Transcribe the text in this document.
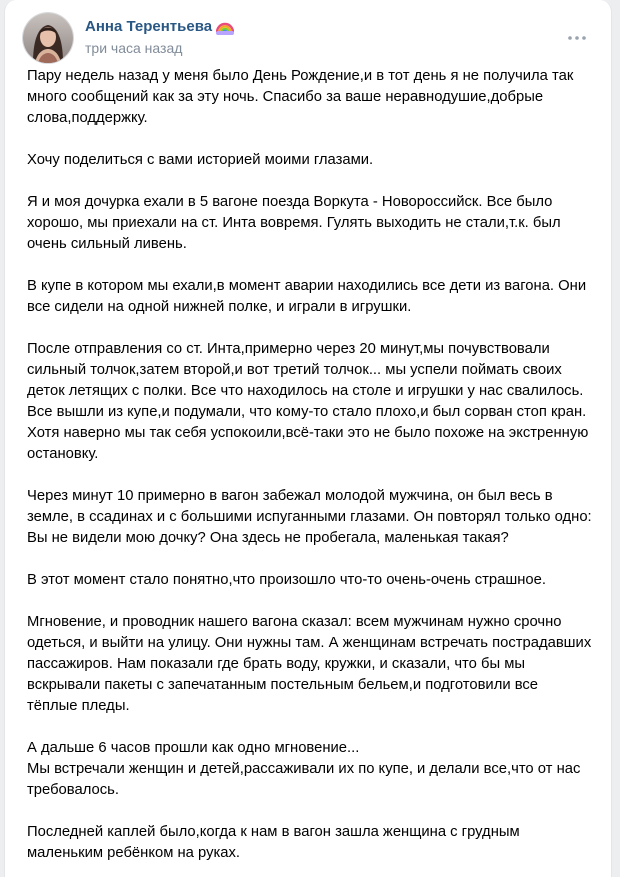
Анна Терентьева
три часа назад
Пару недель назад у меня было День Рождение,и в тот день я не получила так
много сообщений как за эту ночь. Спасибо за ваше неравнодушие,добрые
слова,поддержку.
Хочу поделиться с вами историей моими глазами.
Я и моя дочурка ехали в 5 вагоне поезда Воркута - Новороссийск. Все было
хорошо, мы приехали на ст. Инта вовремя. Гулять выходить не стали,т.к. был
очень сильный ливень.
В купе в котором мы ехали,в момент аварии находились все дети из вагона. Они
все сидели на одной нижней полке, и играли в игрушки.
После отправления со ст. Инта,примерно через 20 минут,мы почувствовали
сильный толчок,затем второй,и вот третий толчок... мы успели поймать своих
деток летящих с полки. Все что находилось на столе и игрушки у нас свалилось.
Все вышли из купе,и подумали, что кому-то стало плохо,и был сорван стоп кран.
Хотя наверно мы так себя успокоили,всё-таки это не было похоже на экстренную
остановку.
Через минут 10 примерно в вагон забежал молодой мужчина, он был весь в
земле, в ссадинах и с большими испуганными глазами. Он повторял только одно:
Вы не видели мою дочку? Она здесь не пробегала, маленькая такая?
В этот момент стало понятно,что произошло что-то очень-очень страшное.
Мгновение, и проводник нашего вагона сказал: всем мужчинам нужно срочно
одеться, и выйти на улицу. Они нужны там. А женщинам встречать пострадавших
пассажиров. Нам показали где брать воду, кружки, и сказали, что бы мы
вскрывали пакеты с запечатанным постельным бельем,и подготовили все
тёплые пледы.
А дальше 6 часов прошли как одно мгновение...
Мы встречали женщин и детей,рассаживали их по купе, и делали все,что от нас
требовалось.
Последней каплей было,когда к нам в вагон зашла женщина с грудным
маленьким ребёнком на руках.
